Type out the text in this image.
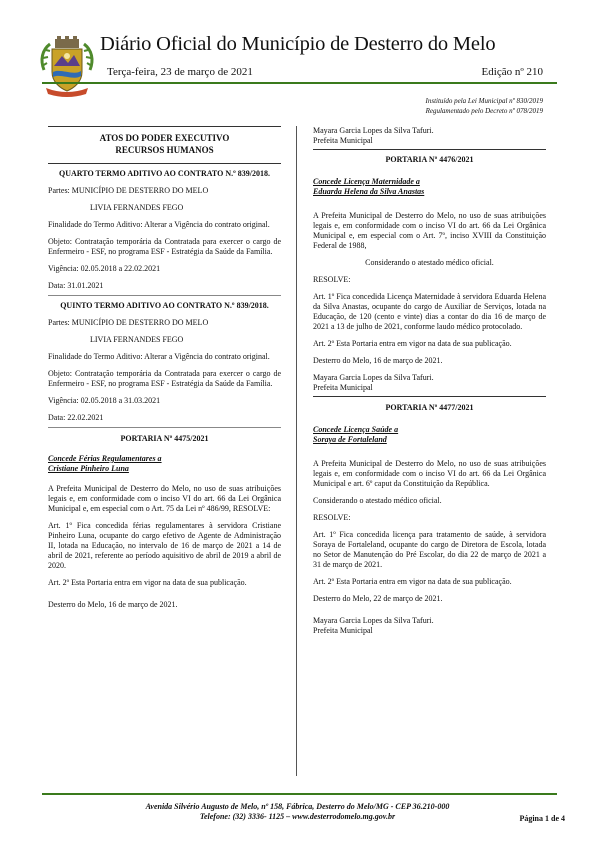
Diário Oficial do Município de Desterro do Melo
Terça-feira, 23 de março de 2021	Edição nº 210
Instituído pela Lei Municipal nº 830/2019
Regulamentado pelo Decreto nº 078/2019

ATOS DO PODER EXECUTIVO

RECURSOS HUMANOS

QUARTO TERMO ADITIVO AO CONTRATO N.º 839/2018.

Partes: MUNICÍPIO DE DESTERRO DO MELO

LIVIA FERNANDES FEGO

Finalidade do Termo Aditivo: Alterar a Vigência do contrato original.

Objeto: Contratação temporária da Contratada para exercer o cargo de Enfermeiro - ESF, no programa ESF - Estratégia da Saúde da Família.

Vigência: 02.05.2018 a 22.02.2021

Data: 31.01.2021

QUINTO TERMO ADITIVO AO CONTRATO N.º 839/2018.

Partes: MUNICÍPIO DE DESTERRO DO MELO

LIVIA FERNANDES FEGO

Finalidade do Termo Aditivo: Alterar a Vigência do contrato original.

Objeto: Contratação temporária da Contratada para exercer o cargo de Enfermeiro - ESF, no programa ESF - Estratégia da Saúde da Família.

Vigência: 02.05.2018 a 31.03.2021

Data: 22.02.2021

PORTARIA Nº 4475/2021

Concede Férias Regulamentares a

Cristiane Pinheiro Luna

A Prefeita Municipal de Desterro do Melo, no uso de suas atribuições legais e, em conformidade com o inciso VI do art. 66 da Lei Orgânica Municipal e, em especial com o Art. 75 da Lei nº 486/99, RESOLVE:

Art. 1º Fica concedida férias regulamentares à servidora Cristiane Pinheiro Luna, ocupante do cargo efetivo de Agente de Administração II, lotada na Educação, no intervalo de 16 de março de 2021 a 14 de abril de 2021, referente ao período aquisitivo de abril de 2019 a abril de 2020.

Art. 2º Esta Portaria entra em vigor na data de sua publicação.

Desterro do Melo, 16 de março de 2021.

Mayara Garcia Lopes da Silva Tafuri.

Prefeita Municipal

PORTARIA Nº 4476/2021

Concede Licença Maternidade a

Eduarda Helena da Silva Anastas

A Prefeita Municipal de Desterro do Melo, no uso de suas atribuições legais e, em conformidade com o inciso VI do art. 66 da Lei Orgânica Municipal e, em especial com o Art. 7º, inciso XVIII da Constituição Federal de 1988,

Considerando o atestado médico oficial.

RESOLVE:

Art. 1º Fica concedida Licença Maternidade à servidora Eduarda Helena da Silva Anastas, ocupante do cargo de Auxiliar de Serviços, lotada na Educação, de 120 (cento e vinte) dias a contar do dia 16 de março de 2021 a 13 de julho de 2021, conforme laudo médico protocolado.

Art. 2º Esta Portaria entra em vigor na data de sua publicação.

Desterro do Melo, 16 de março de 2021.

Mayara Garcia Lopes da Silva Tafuri.

Prefeita Municipal

PORTARIA Nº 4477/2021

Concede Licença Saúde a

Soraya de Fortaleland

A Prefeita Municipal de Desterro do Melo, no uso de suas atribuições legais e, em conformidade com o inciso VI do art. 66 da Lei Orgânica Municipal e art. 6º caput da Constituição da República.

Considerando o atestado médico oficial.

RESOLVE:

Art. 1º Fica concedida licença para tratamento de saúde, à servidora Soraya de Fortaleland, ocupante do cargo de Diretora de Escola, lotada no Setor de Manutenção do Pré Escolar, do dia 22 de março de 2021 a 31 de março de 2021.

Art. 2º Esta Portaria entra em vigor na data de sua publicação.

Desterro do Melo, 22 de março de 2021.

Mayara Garcia Lopes da Silva Tafuri.

Prefeita Municipal

Avenida Silvério Augusto de Melo, nº 158, Fábrica, Desterro do Melo/MG - CEP 36.210-000
Telefone: (32) 3336- 1125 – www.desterrodomelo.mg.gov.br	Página 1 de 4
